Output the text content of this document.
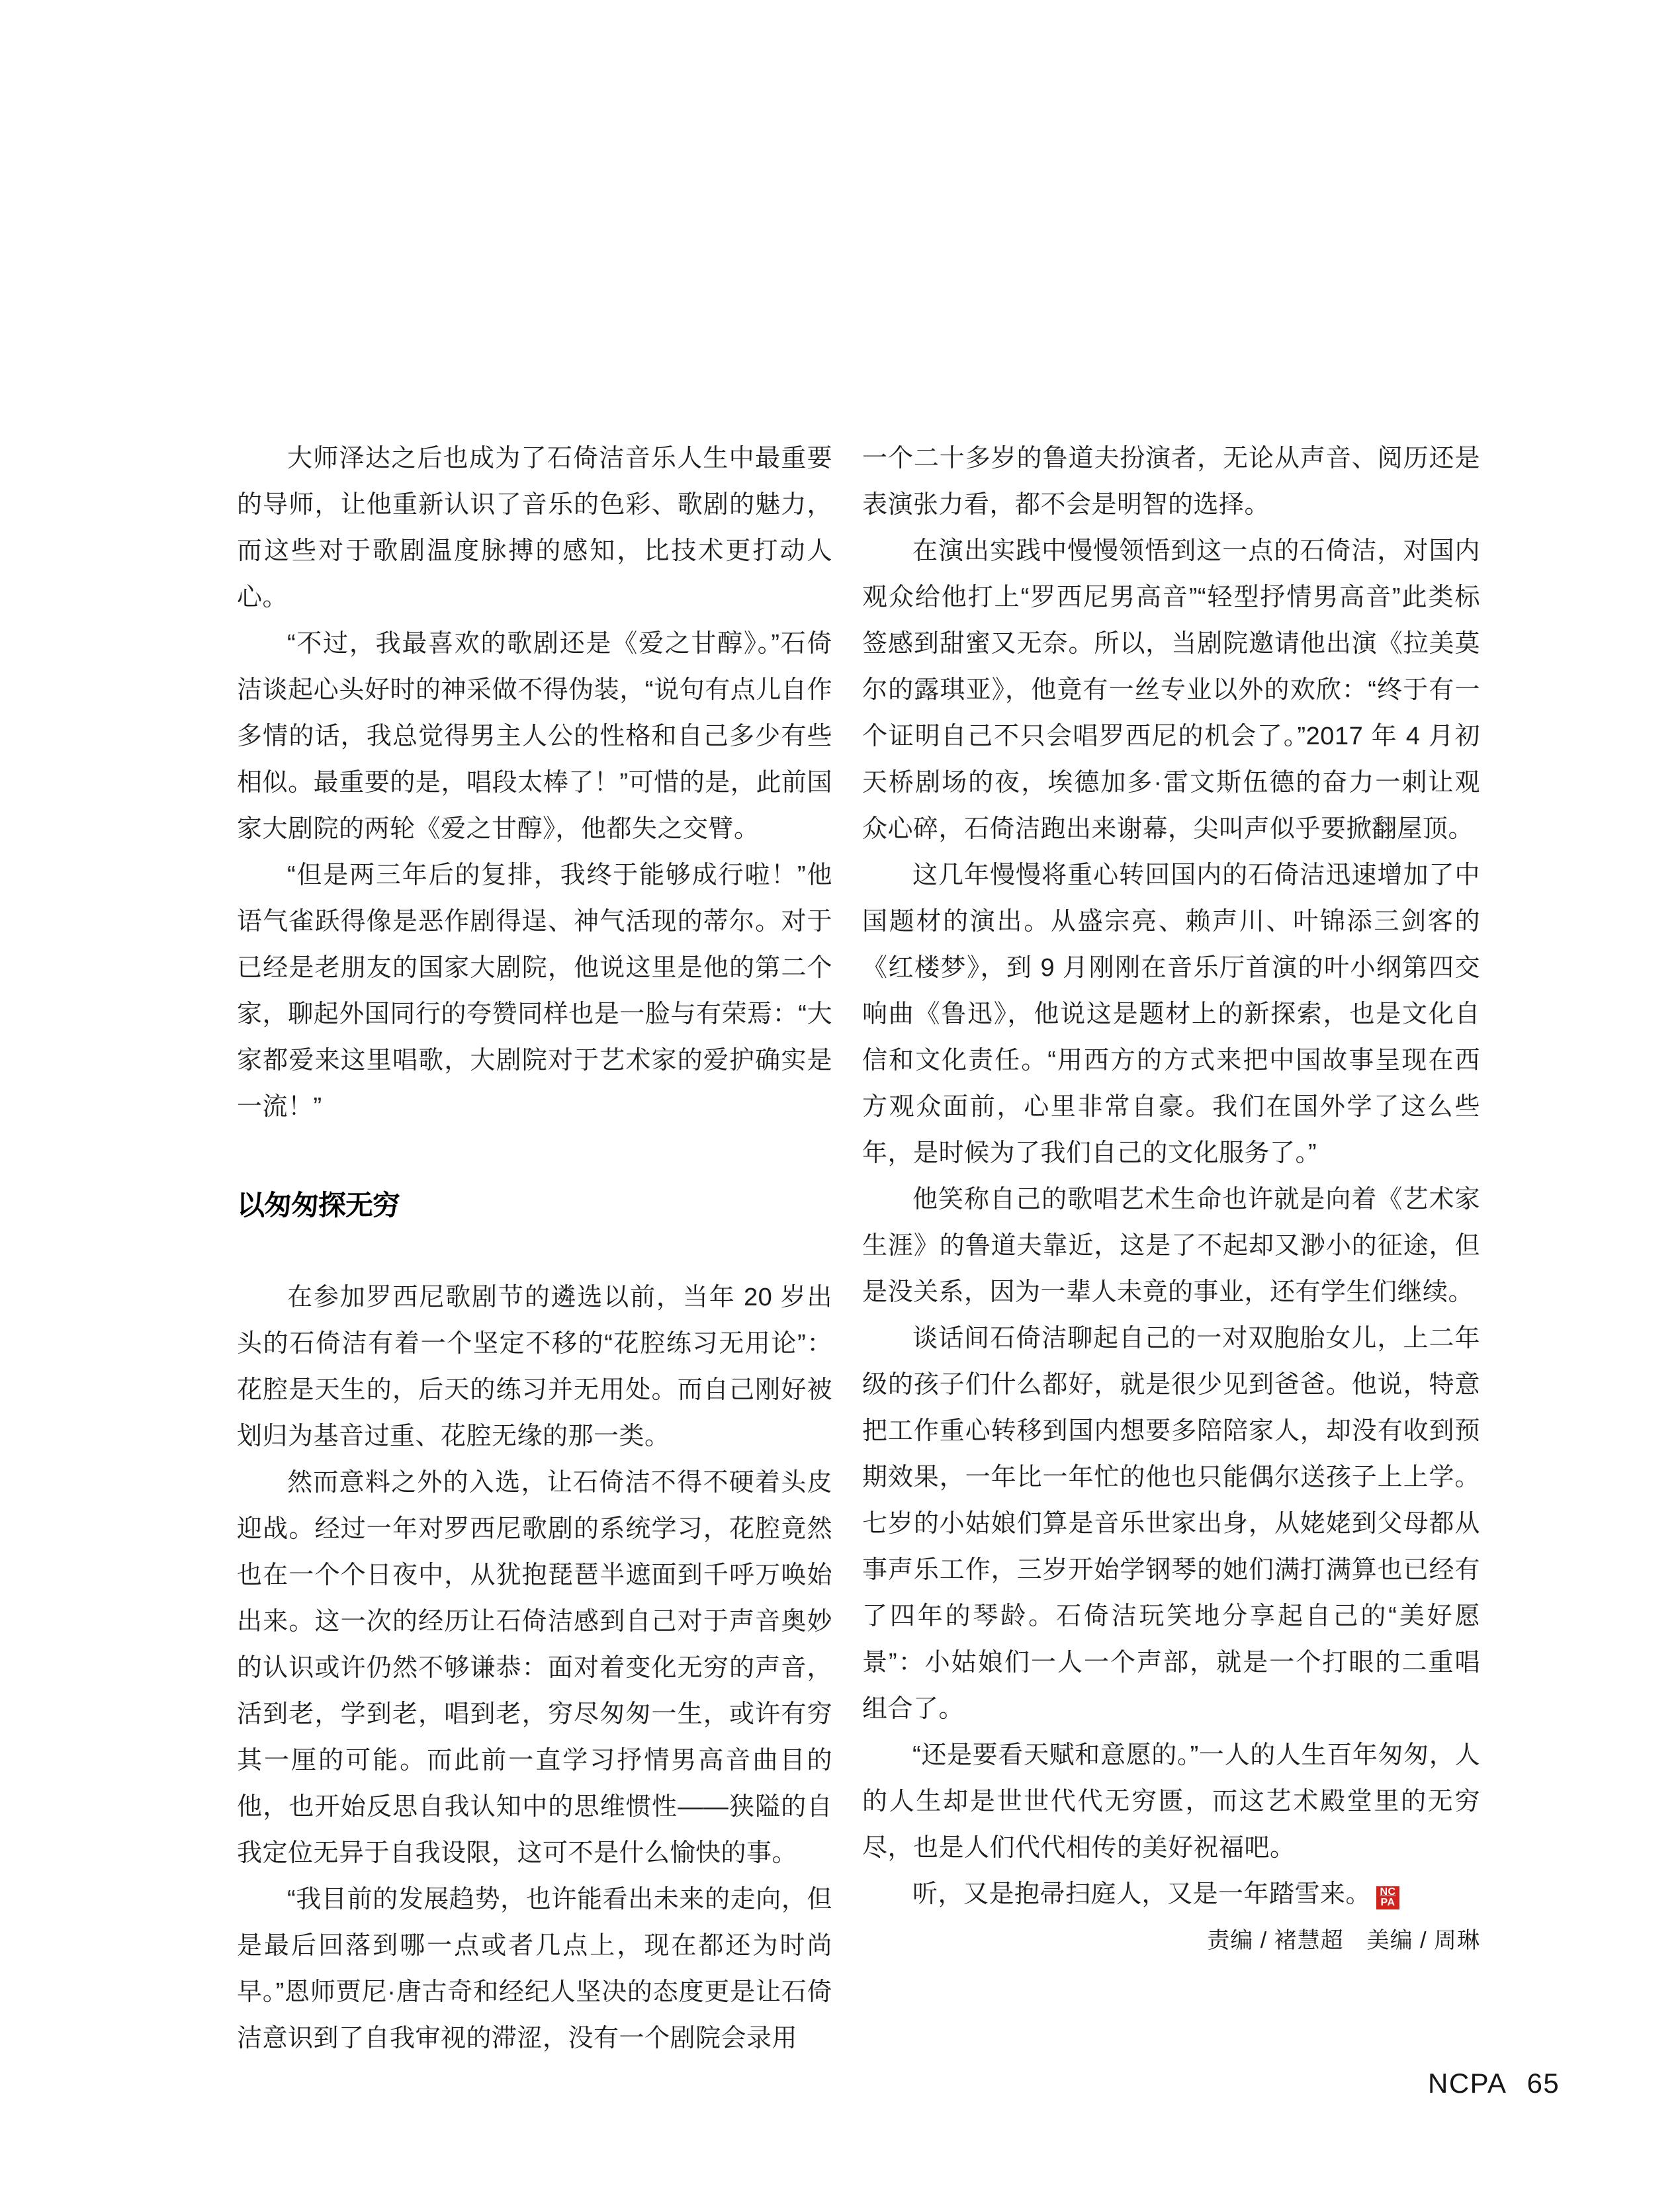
大师泽达之后也成为了石倚洁音乐人生中最重要的导师，让他重新认识了音乐的色彩、歌剧的魅力，而这些对于歌剧温度脉搏的感知，比技术更打动人心。

“不过，我最喜欢的歌剧还是《爱之甘醇》。”石倚洁谈起心头好时的神采做不得伪装，“说句有点儿自作多情的话，我总觉得男主人公的性格和自己多少有些相似。最重要的是，唱段太棒了！”可惜的是，此前国家大剧院的两轮《爱之甘醇》，他都失之交臂。

“但是两三年后的复排，我终于能够成行啦！”他语气雀跃得像是恶作剧得逞、神气活现的蒂尔。对于已经是老朋友的国家大剧院，他说这里是他的第二个家，聊起外国同行的夸赞同样也是一脸与有荣焉：“大家都爱来这里唱歌，大剧院对于艺术家的爱护确实是一流！”

以匆匆探无穷

在参加罗西尼歌剧节的遴选以前，当年 20 岁出头的石倚洁有着一个坚定不移的“花腔练习无用论”：花腔是天生的，后天的练习并无用处。而自己刚好被划归为基音过重、花腔无缘的那一类。

然而意料之外的入选，让石倚洁不得不硬着头皮迎战。经过一年对罗西尼歌剧的系统学习，花腔竟然也在一个个日夜中，从犹抱琵琶半遮面到千呼万唤始出来。这一次的经历让石倚洁感到自己对于声音奥妙的认识或许仍然不够谦恭：面对着变化无穷的声音，活到老，学到老，唱到老，穷尽匆匆一生，或许有穷其一厘的可能。而此前一直学习抒情男高音曲目的他，也开始反思自我认知中的思维惯性——狭隘的自我定位无异于自我设限，这可不是什么愉快的事。

“我目前的发展趋势，也许能看出未来的走向，但是最后回落到哪一点或者几点上，现在都还为时尚早。”恩师贾尼·唐古奇和经纪人坚决的态度更是让石倚洁意识到了自我审视的滞涩，没有一个剧院会录用

一个二十多岁的鲁道夫扮演者，无论从声音、阅历还是表演张力看，都不会是明智的选择。

在演出实践中慢慢领悟到这一点的石倚洁，对国内观众给他打上“罗西尼男高音”“轻型抒情男高音”此类标签感到甜蜜又无奈。所以，当剧院邀请他出演《拉美莫尔的露琪亚》，他竟有一丝专业以外的欢欣：“终于有一个证明自己不只会唱罗西尼的机会了。”2017 年 4 月初天桥剧场的夜，埃德加多·雷文斯伍德的奋力一刺让观众心碎，石倚洁跑出来谢幕，尖叫声似乎要掀翻屋顶。

这几年慢慢将重心转回国内的石倚洁迅速增加了中国题材的演出。从盛宗亮、赖声川、叶锦添三剑客的《红楼梦》，到 9 月刚刚在音乐厅首演的叶小纲第四交响曲《鲁迅》，他说这是题材上的新探索，也是文化自信和文化责任。“用西方的方式来把中国故事呈现在西方观众面前，心里非常自豪。我们在国外学了这么些年，是时候为了我们自己的文化服务了。”

他笑称自己的歌唱艺术生命也许就是向着《艺术家生涯》的鲁道夫靠近，这是了不起却又渺小的征途，但是没关系，因为一辈人未竟的事业，还有学生们继续。

谈话间石倚洁聊起自己的一对双胞胎女儿，上二年级的孩子们什么都好，就是很少见到爸爸。他说，特意把工作重心转移到国内想要多陪陪家人，却没有收到预期效果，一年比一年忙的他也只能偶尔送孩子上上学。七岁的小姑娘们算是音乐世家出身，从姥姥到父母都从事声乐工作，三岁开始学钢琴的她们满打满算也已经有了四年的琴龄。石倚洁玩笑地分享起自己的“美好愿景”：小姑娘们一人一个声部，就是一个打眼的二重唱组合了。

“还是要看天赋和意愿的。”一人的人生百年匆匆，人的人生却是世世代代无穷匮，而这艺术殿堂里的无穷尽，也是人们代代相传的美好祝福吧。

听，又是抱帚扫庭人，又是一年踏雪来。 $\frac{NC}{PA}$

责编 / 褚慧超　美编 / 周琳

NCPA 65
